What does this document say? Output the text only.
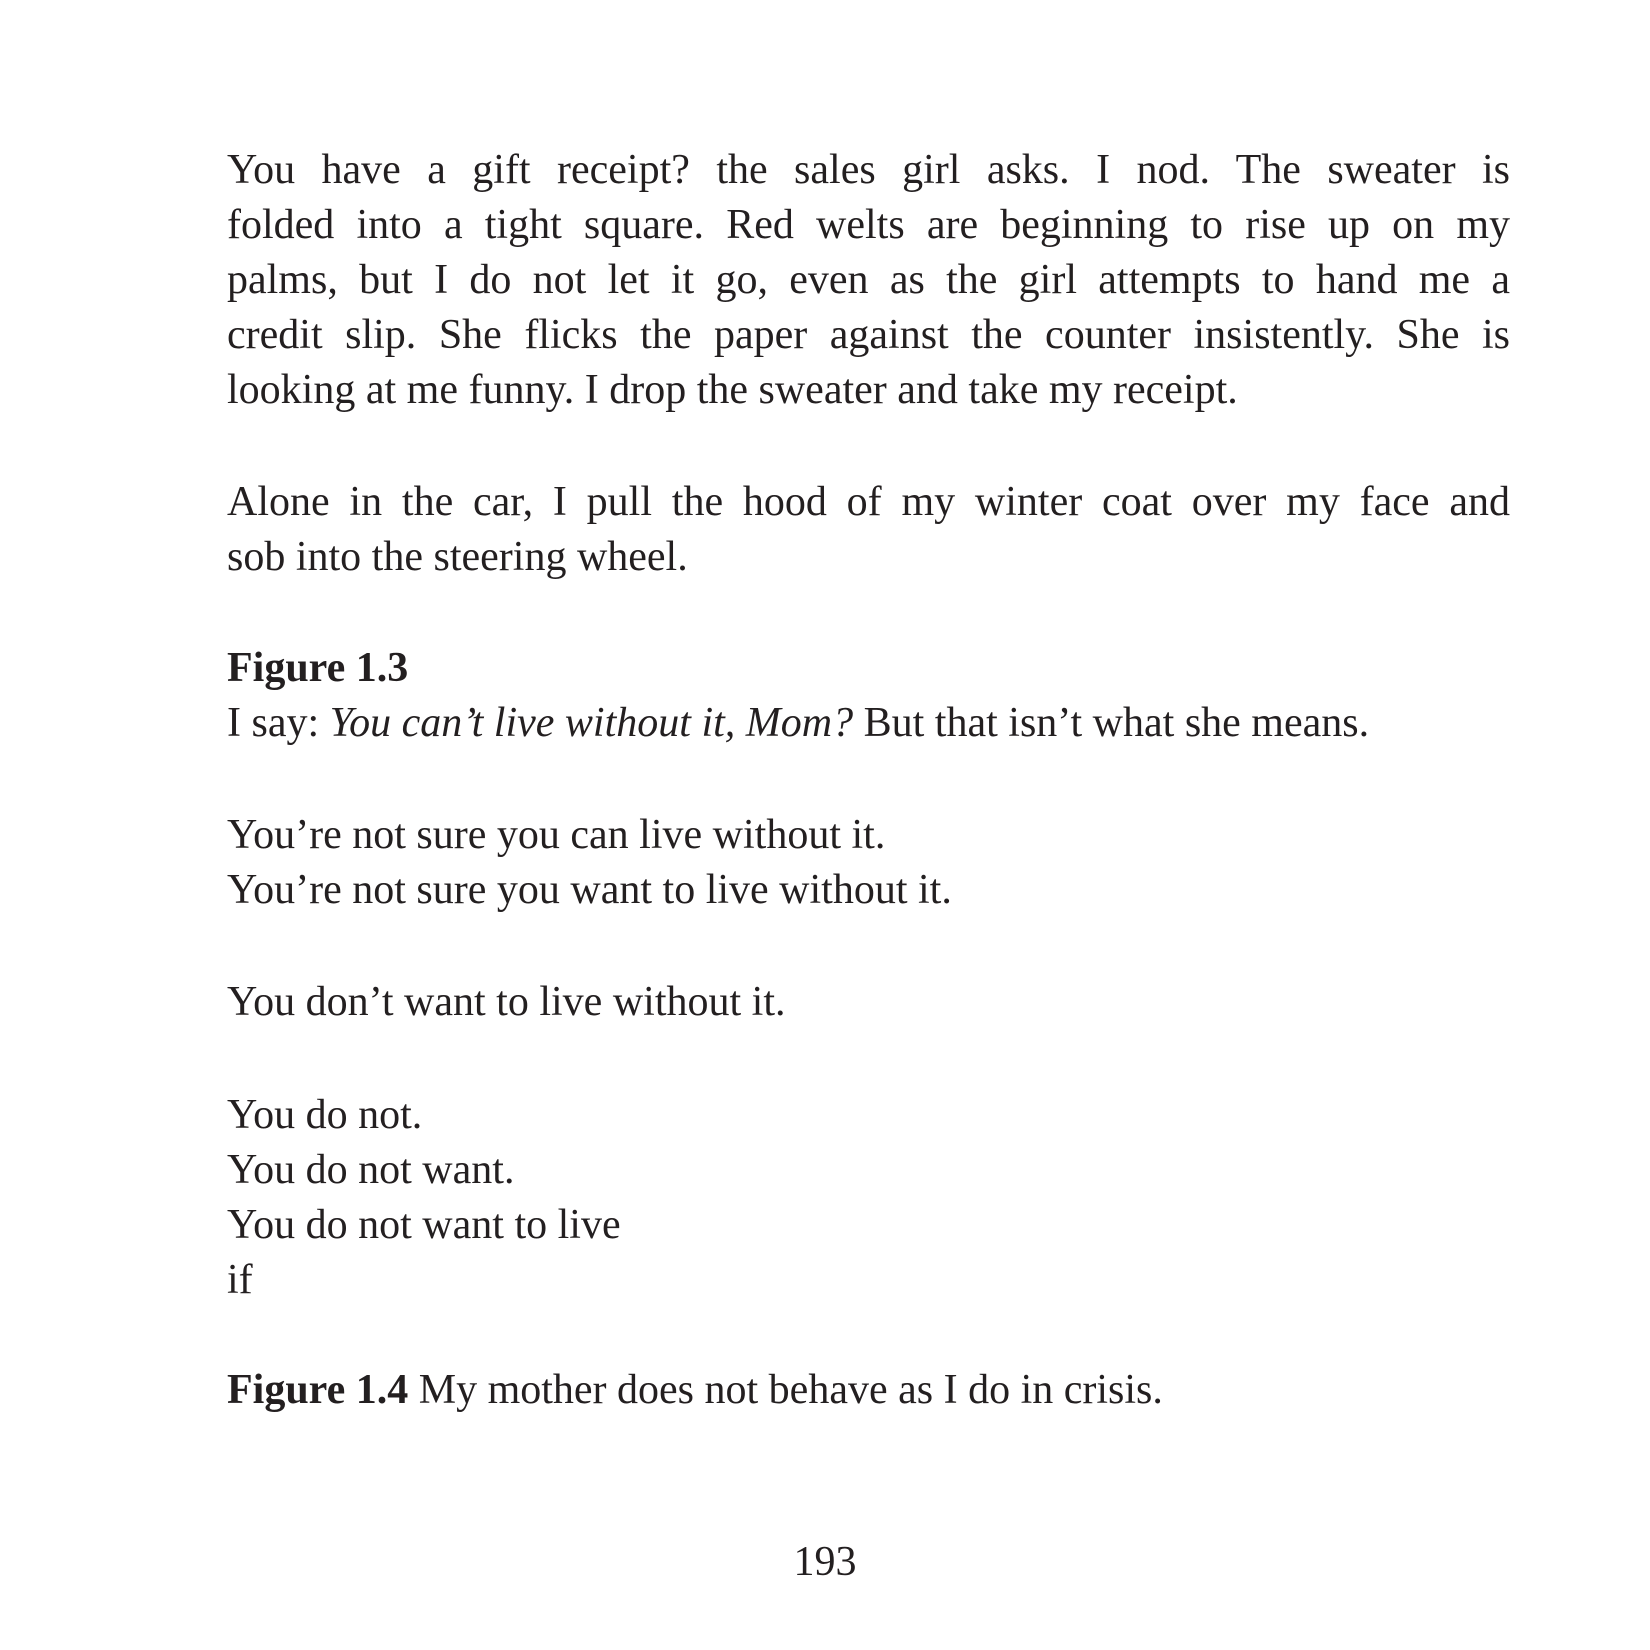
You have a gift receipt? the sales girl asks. I nod. The sweater is
folded into a tight square. Red welts are beginning to rise up on my
palms, but I do not let it go, even as the girl attempts to hand me a
credit slip. She flicks the paper against the counter insistently. She is
looking at me funny. I drop the sweater and take my receipt.
Alone in the car, I pull the hood of my winter coat over my face and
sob into the steering wheel.
Figure 1.3
I say: You can’t live without it, Mom? But that isn’t what she means.
You’re not sure you can live without it.
You’re not sure you want to live without it.
You don’t want to live without it.
You do not.
You do not want.
You do not want to live
if
Figure 1.4 My mother does not behave as I do in crisis.
193
